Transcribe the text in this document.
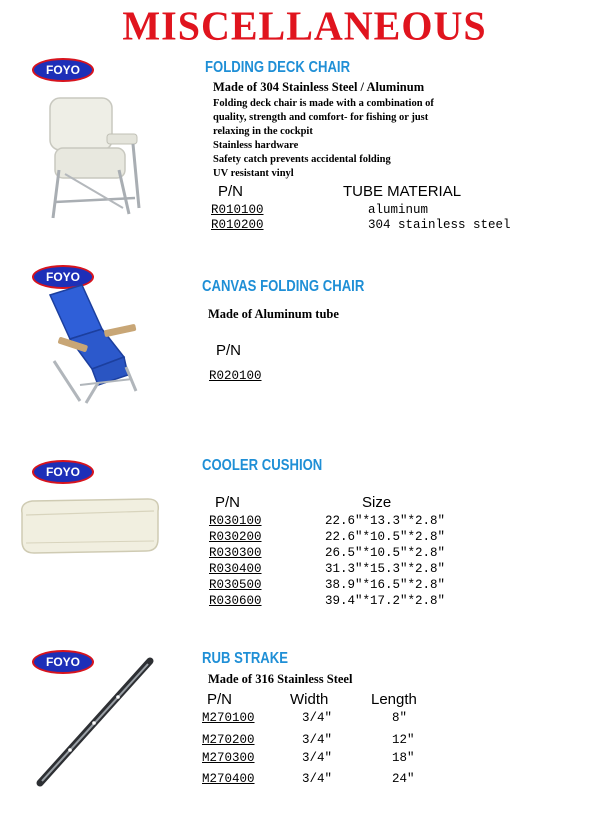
MISCELLANEOUS
FOYO	FOLDING DECK CHAIR
Made of 304 Stainless Steel / Aluminum
Folding deck chair is made with a combination of
quality, strength and comfort- for fishing or just
relaxing in the cockpit
Stainless hardware
Safety catch prevents accidental folding
UV resistant vinyl
P/N	TUBE MATERIAL
R010100	aluminum
R010200	304 stainless steel
FOYO
CANVAS FOLDING CHAIR
Made of Aluminum tube
P/N
R020100
FOYO	COOLER CUSHION
P/N	Size
R030100	22.6"*13.3"*2.8"
R030200	22.6"*10.5"*2.8"
R030300	26.5"*10.5"*2.8"
R030400	31.3"*15.3"*2.8"
R030500	38.9"*16.5"*2.8"
R030600	39.4"*17.2"*2.8"
FOYO	RUB STRAKE
Made of 316 Stainless Steel
P/N	Width	Length
M270100	3/4"	8"
M270200	3/4"	12"
M270300	3/4"	18"
M270400	3/4"	24"
